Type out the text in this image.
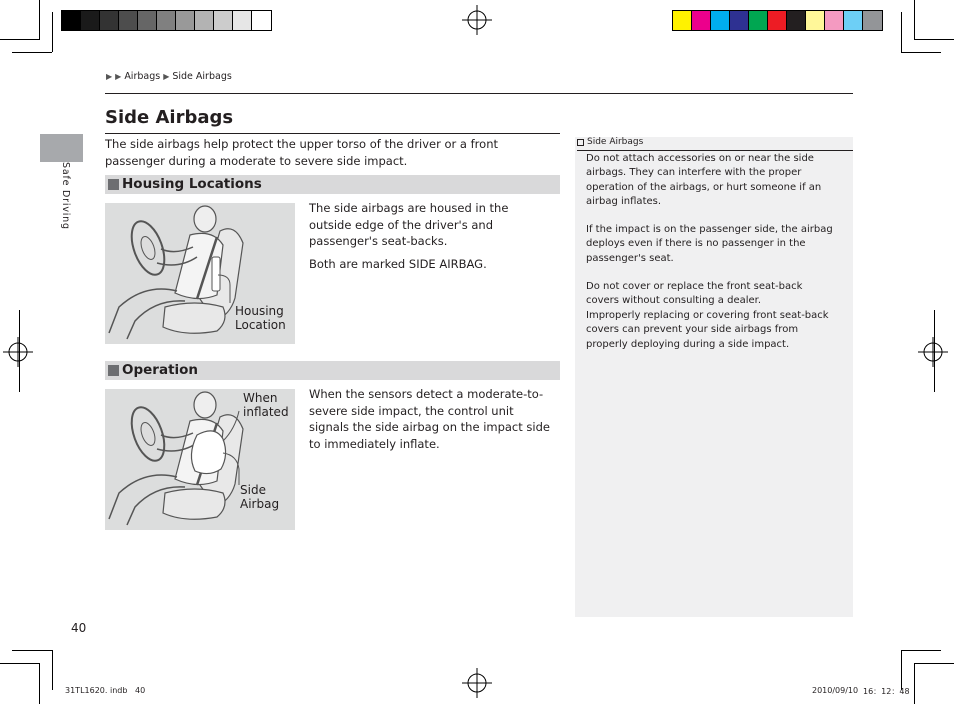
▶ ▶ Airbags ▶ Side Airbags
Safe Driving
Side Airbags
The side airbags help protect the upper torso of the driver or a front passenger during a moderate to severe side impact.
Housing Locations
Housing
Location
The side airbags are housed in the outside edge of the driver's and passenger's seat-backs.
Both are marked SIDE AIRBAG.
Operation
When
inflated
Side
Airbag
When the sensors detect a moderate-to-severe side impact, the control unit signals the side airbag on the impact side to immediately inflate.
Side Airbags
Do not attach accessories on or near the side airbags. They can interfere with the proper operation of the airbags, or hurt someone if an airbag inflates.
If the impact is on the passenger side, the airbag deploys even if there is no passenger in the passenger's seat.
Do not cover or replace the front seat-back covers without consulting a dealer.
Improperly replacing or covering front seat-back covers can prevent your side airbags from properly deploying during a side impact.
40
31TL1620. indb 40	2010/09/10 16：12：48
